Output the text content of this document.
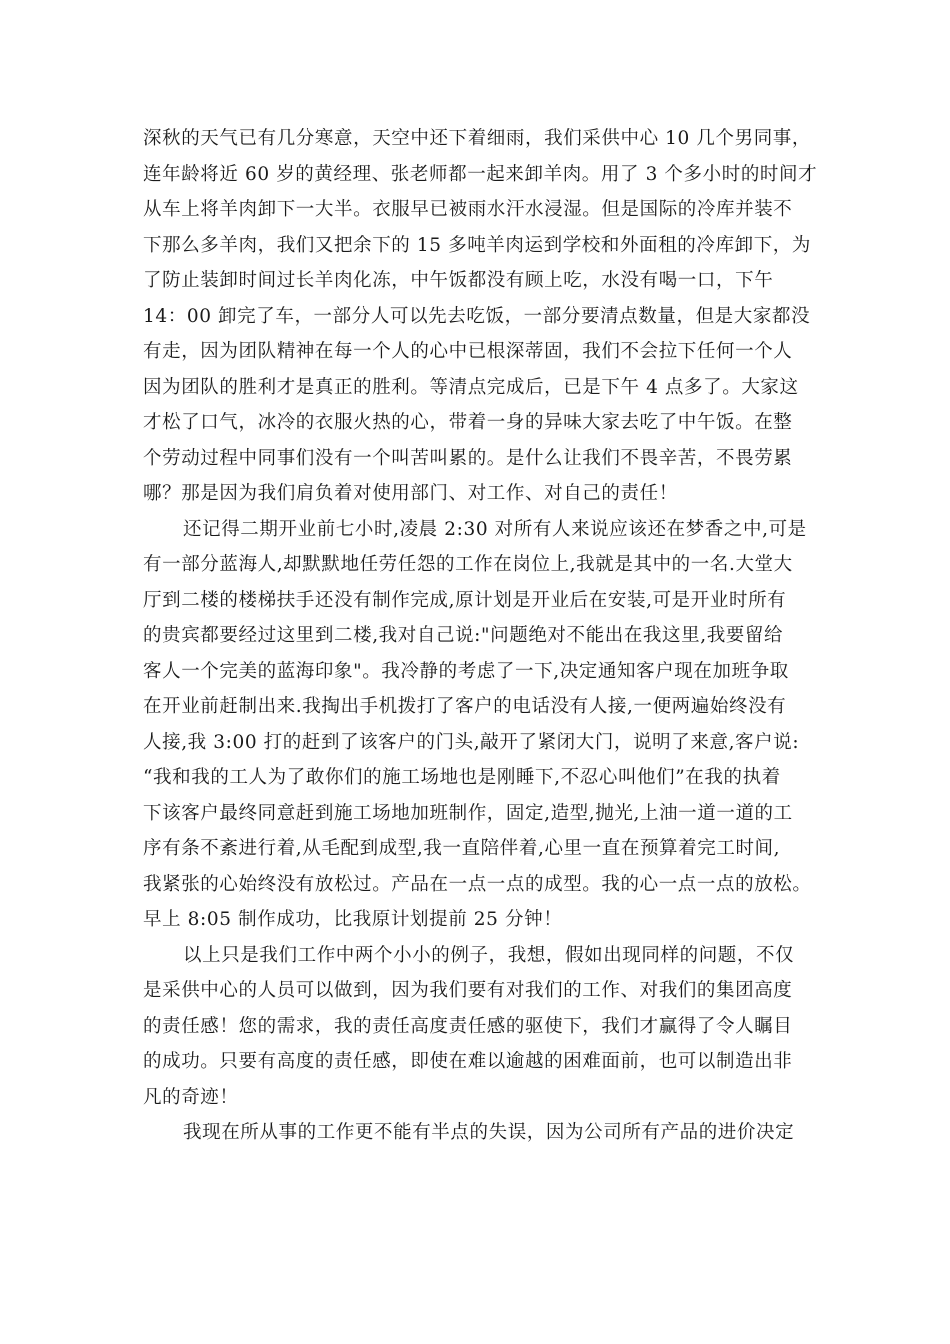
深秋的天气已有几分寒意，天空中还下着细雨，我们采供中心 10 几个男同事，
连年龄将近 60 岁的黄经理、张老师都一起来卸羊肉。用了 3 个多小时的时间才
从车上将羊肉卸下一大半。衣服早已被雨水汗水浸湿。但是国际的冷库并装不
下那么多羊肉，我们又把余下的 15 多吨羊肉运到学校和外面租的冷库卸下，为
了防止装卸时间过长羊肉化冻，中午饭都没有顾上吃，水没有喝一口，下午
14：00 卸完了车，一部分人可以先去吃饭，一部分要清点数量，但是大家都没
有走，因为团队精神在每一个人的心中已根深蒂固，我们不会拉下任何一个人
因为团队的胜利才是真正的胜利。等清点完成后，已是下午 4 点多了。大家这
才松了口气，冰冷的衣服火热的心，带着一身的异味大家去吃了中午饭。在整
个劳动过程中同事们没有一个叫苦叫累的。是什么让我们不畏辛苦，不畏劳累
哪？那是因为我们肩负着对使用部门、对工作、对自己的责任！
还记得二期开业前七小时,凌晨 2:30 对所有人来说应该还在梦香之中,可是
有一部分蓝海人,却默默地任劳任怨的工作在岗位上,我就是其中的一名.大堂大
厅到二楼的楼梯扶手还没有制作完成,原计划是开业后在安装,可是开业时所有
的贵宾都要经过这里到二楼,我对自己说:"问题绝对不能出在我这里,我要留给
客人一个完美的蓝海印象"。我冷静的考虑了一下,决定通知客户现在加班争取
在开业前赶制出来.我掏出手机拨打了客户的电话没有人接,一便两遍始终没有
人接,我 3:00 打的赶到了该客户的门头,敲开了紧闭大门，说明了来意,客户说:
“我和我的工人为了敢你们的施工场地也是刚睡下,不忍心叫他们”在我的执着
下该客户最终同意赶到施工场地加班制作，固定,造型,抛光,上油一道一道的工
序有条不紊进行着,从毛配到成型,我一直陪伴着,心里一直在预算着完工时间,
我紧张的心始终没有放松过。产品在一点一点的成型。我的心一点一点的放松。
早上 8:05 制作成功，比我原计划提前 25 分钟！
以上只是我们工作中两个小小的例子，我想，假如出现同样的问题，不仅
是采供中心的人员可以做到，因为我们要有对我们的工作、对我们的集团高度
的责任感！您的需求，我的责任高度责任感的驱使下，我们才赢得了令人瞩目
的成功。只要有高度的责任感，即使在难以逾越的困难面前，也可以制造出非
凡的奇迹！
我现在所从事的工作更不能有半点的失误，因为公司所有产品的进价决定
